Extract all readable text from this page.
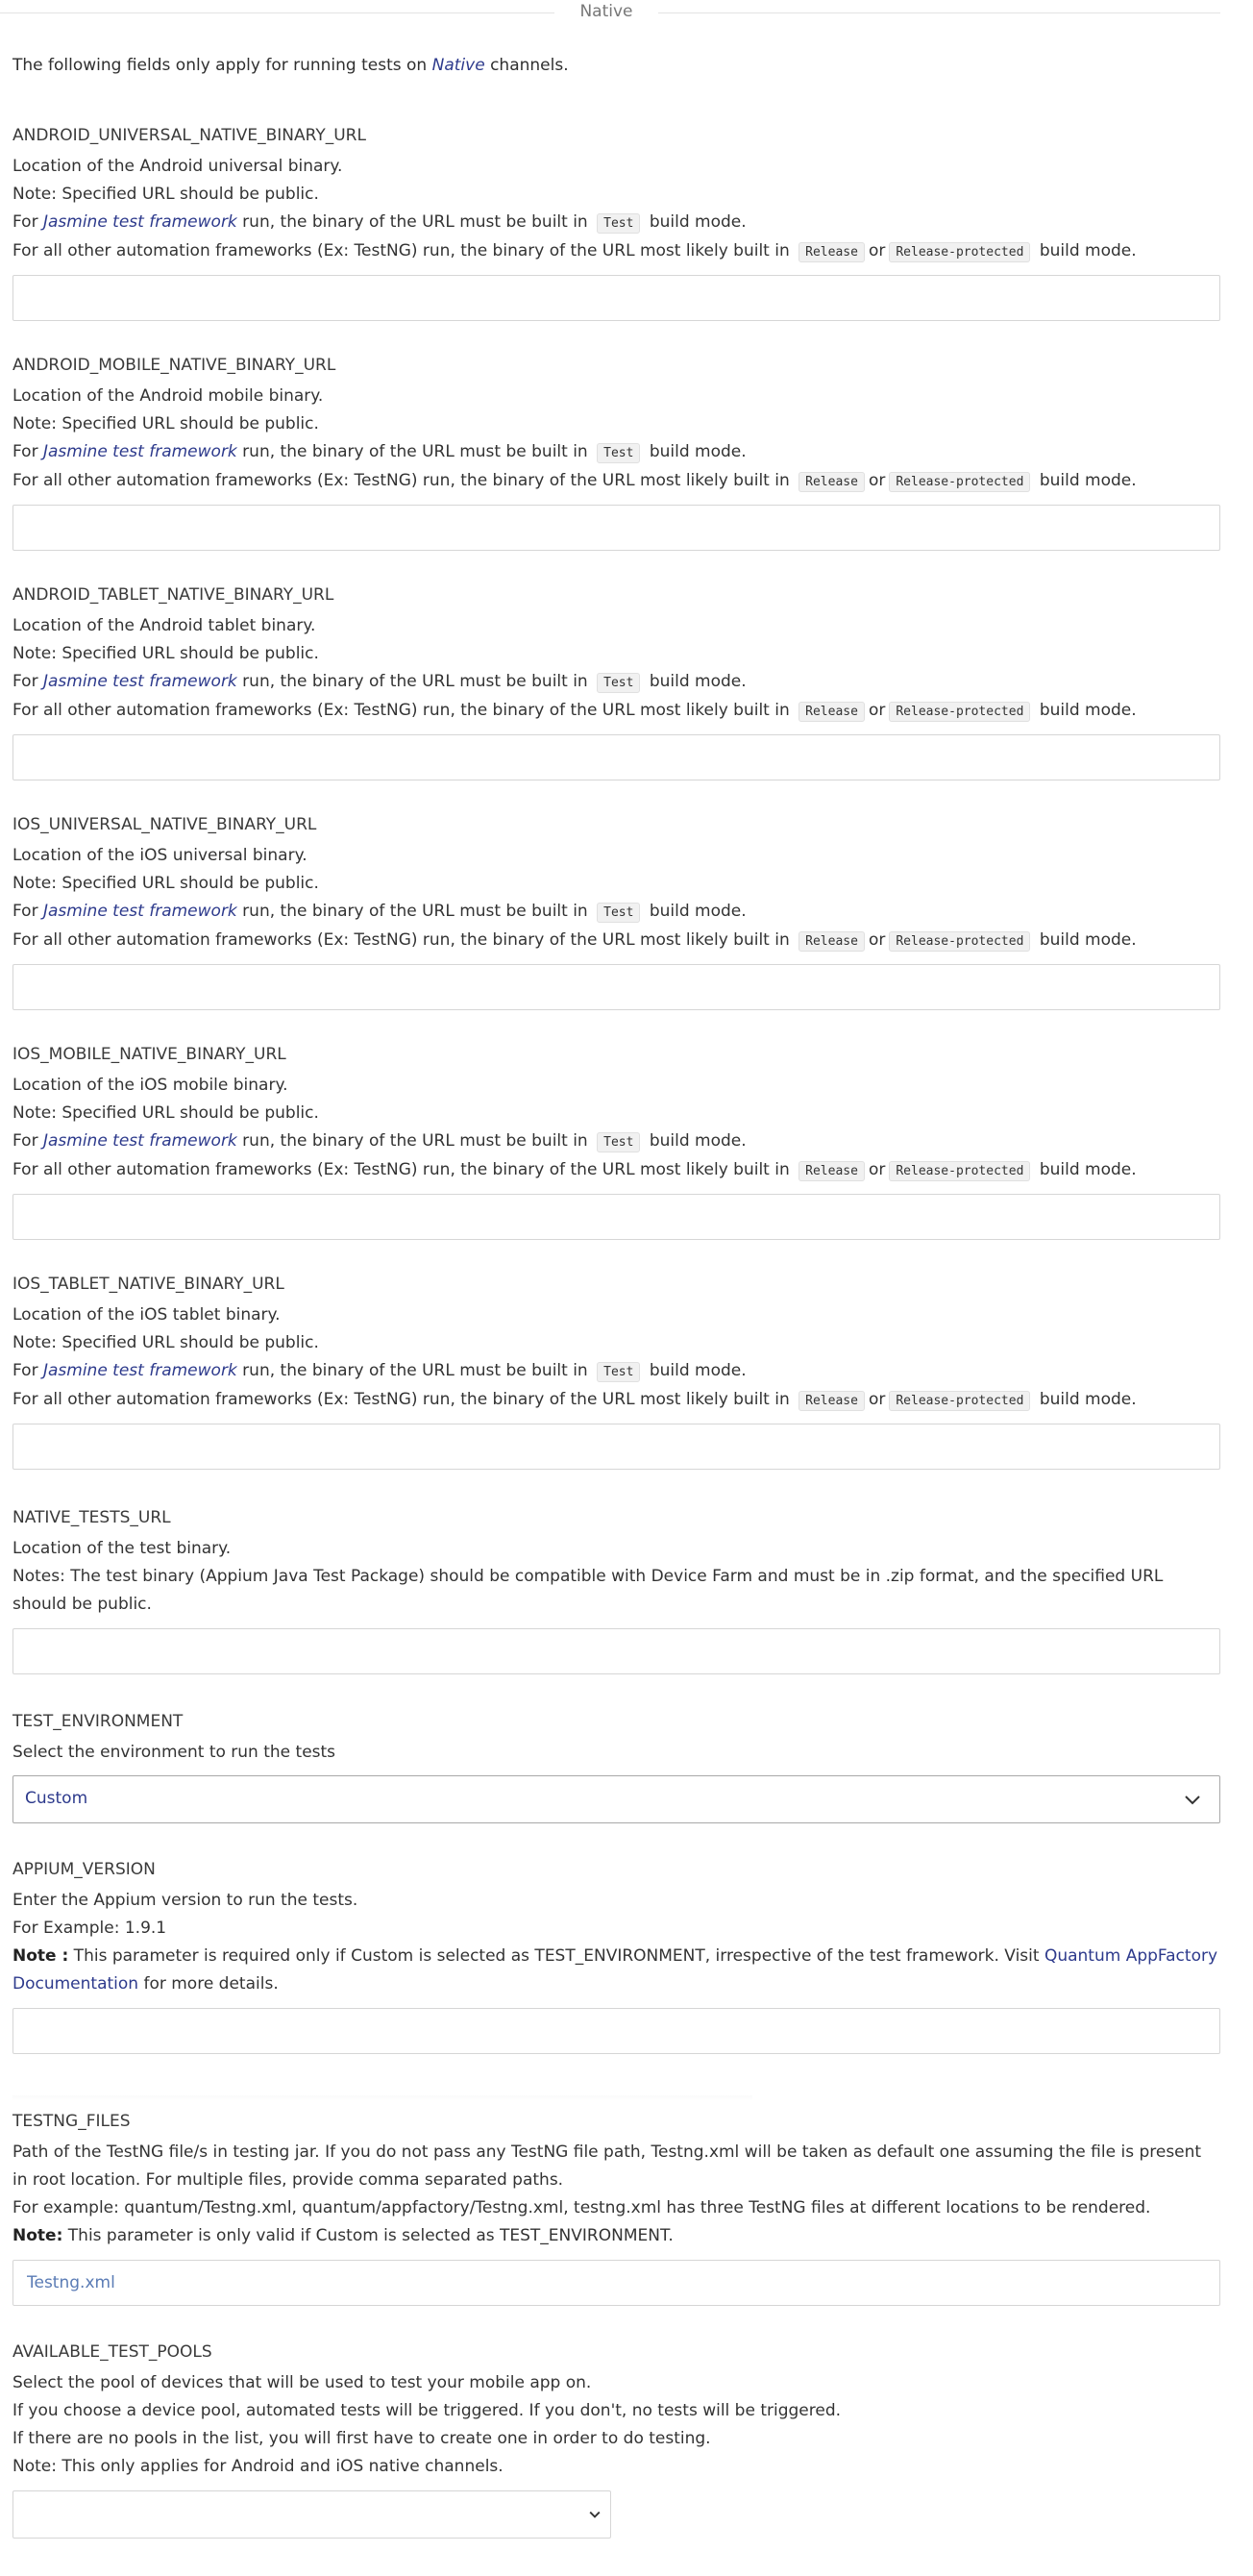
Native
The following fields only apply for running tests on Native channels.
ANDROID_UNIVERSAL_NATIVE_BINARY_URL
Location of the Android universal binary.
Note: Specified URL should be public.
For Jasmine test framework run, the binary of the URL must be built in Test build mode.
For all other automation frameworks (Ex: TestNG) run, the binary of the URL most likely built in Release or Release-protected build mode.
ANDROID_MOBILE_NATIVE_BINARY_URL
Location of the Android mobile binary.
Note: Specified URL should be public.
For Jasmine test framework run, the binary of the URL must be built in Test build mode.
For all other automation frameworks (Ex: TestNG) run, the binary of the URL most likely built in Release or Release-protected build mode.
ANDROID_TABLET_NATIVE_BINARY_URL
Location of the Android tablet binary.
Note: Specified URL should be public.
For Jasmine test framework run, the binary of the URL must be built in Test build mode.
For all other automation frameworks (Ex: TestNG) run, the binary of the URL most likely built in Release or Release-protected build mode.
IOS_UNIVERSAL_NATIVE_BINARY_URL
Location of the iOS universal binary.
Note: Specified URL should be public.
For Jasmine test framework run, the binary of the URL must be built in Test build mode.
For all other automation frameworks (Ex: TestNG) run, the binary of the URL most likely built in Release or Release-protected build mode.
IOS_MOBILE_NATIVE_BINARY_URL
Location of the iOS mobile binary.
Note: Specified URL should be public.
For Jasmine test framework run, the binary of the URL must be built in Test build mode.
For all other automation frameworks (Ex: TestNG) run, the binary of the URL most likely built in Release or Release-protected build mode.
IOS_TABLET_NATIVE_BINARY_URL
Location of the iOS tablet binary.
Note: Specified URL should be public.
For Jasmine test framework run, the binary of the URL must be built in Test build mode.
For all other automation frameworks (Ex: TestNG) run, the binary of the URL most likely built in Release or Release-protected build mode.
NATIVE_TESTS_URL
Location of the test binary.
Notes: The test binary (Appium Java Test Package) should be compatible with Device Farm and must be in .zip format, and the specified URL should be public.
TEST_ENVIRONMENT
Select the environment to run the tests
Custom
APPIUM_VERSION
Enter the Appium version to run the tests.
For Example: 1.9.1
Note : This parameter is required only if Custom is selected as TEST_ENVIRONMENT, irrespective of the test framework. Visit Quantum AppFactory Documentation for more details.
TESTNG_FILES
Path of the TestNG file/s in testing jar. If you do not pass any TestNG file path, Testng.xml will be taken as default one assuming the file is present in root location. For multiple files, provide comma separated paths.
For example: quantum/Testng.xml, quantum/appfactory/Testng.xml, testng.xml has three TestNG files at different locations to be rendered.
Note: This parameter is only valid if Custom is selected as TEST_ENVIRONMENT.
Testng.xml
AVAILABLE_TEST_POOLS
Select the pool of devices that will be used to test your mobile app on.
If you choose a device pool, automated tests will be triggered. If you don't, no tests will be triggered.
If there are no pools in the list, you will first have to create one in order to do testing.
Note: This only applies for Android and iOS native channels.
